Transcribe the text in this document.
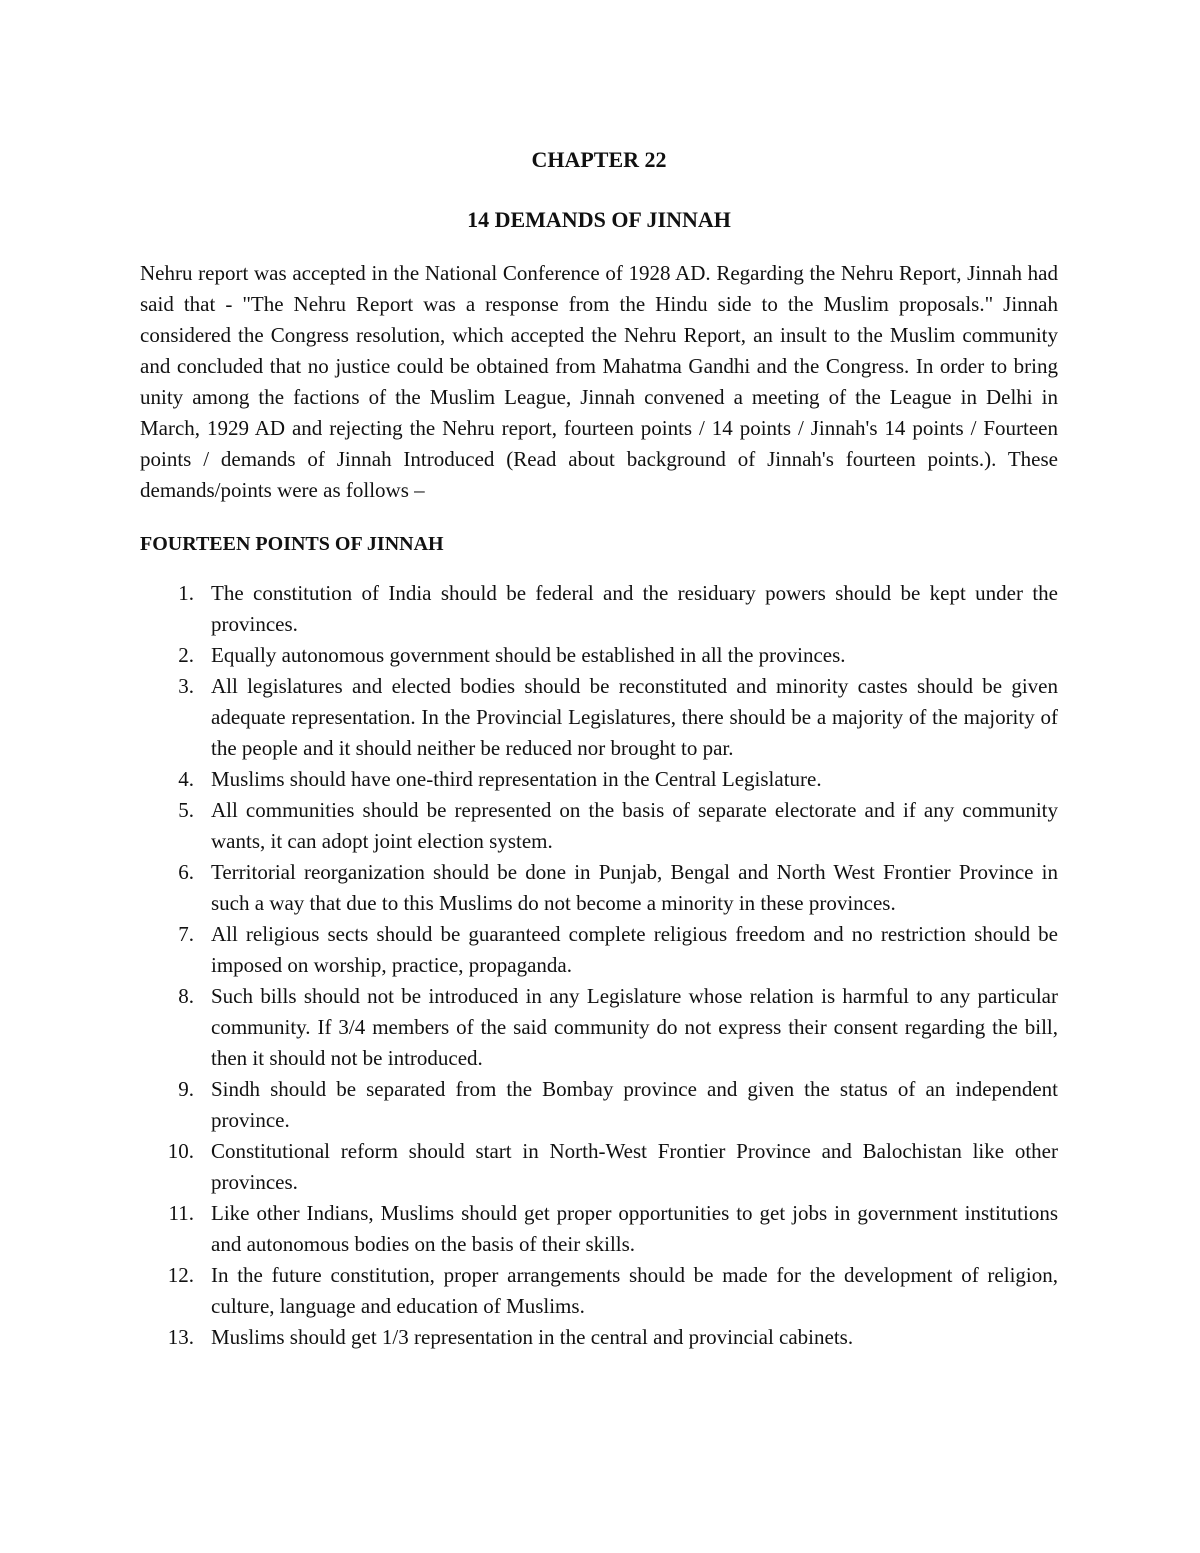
CHAPTER 22
14 DEMANDS OF JINNAH

Nehru report was accepted in the National Conference of 1928 AD. Regarding the Nehru Report, Jinnah had said that - "The Nehru Report was a response from the Hindu side to the Muslim proposals." Jinnah considered the Congress resolution, which accepted the Nehru Report, an insult to the Muslim community and concluded that no justice could be obtained from Mahatma Gandhi and the Congress. In order to bring unity among the factions of the Muslim League, Jinnah convened a meeting of the League in Delhi in March, 1929 AD and rejecting the Nehru report, fourteen points / 14 points / Jinnah's 14 points / Fourteen points / demands of Jinnah Introduced (Read about background of Jinnah's fourteen points.). These demands/points were as follows –

FOURTEEN POINTS OF JINNAH
1. The constitution of India should be federal and the residuary powers should be kept under the provinces.
2. Equally autonomous government should be established in all the provinces.
3. All legislatures and elected bodies should be reconstituted and minority castes should be given adequate representation. In the Provincial Legislatures, there should be a majority of the majority of the people and it should neither be reduced nor brought to par.
4. Muslims should have one-third representation in the Central Legislature.
5. All communities should be represented on the basis of separate electorate and if any community wants, it can adopt joint election system.
6. Territorial reorganization should be done in Punjab, Bengal and North West Frontier Province in such a way that due to this Muslims do not become a minority in these provinces.
7. All religious sects should be guaranteed complete religious freedom and no restriction should be imposed on worship, practice, propaganda.
8. Such bills should not be introduced in any Legislature whose relation is harmful to any particular community. If 3/4 members of the said community do not express their consent regarding the bill, then it should not be introduced.
9. Sindh should be separated from the Bombay province and given the status of an independent province.
10. Constitutional reform should start in North-West Frontier Province and Balochistan like other provinces.
11. Like other Indians, Muslims should get proper opportunities to get jobs in government institutions and autonomous bodies on the basis of their skills.
12. In the future constitution, proper arrangements should be made for the development of religion, culture, language and education of Muslims.
13. Muslims should get 1/3 representation in the central and provincial cabinets.
